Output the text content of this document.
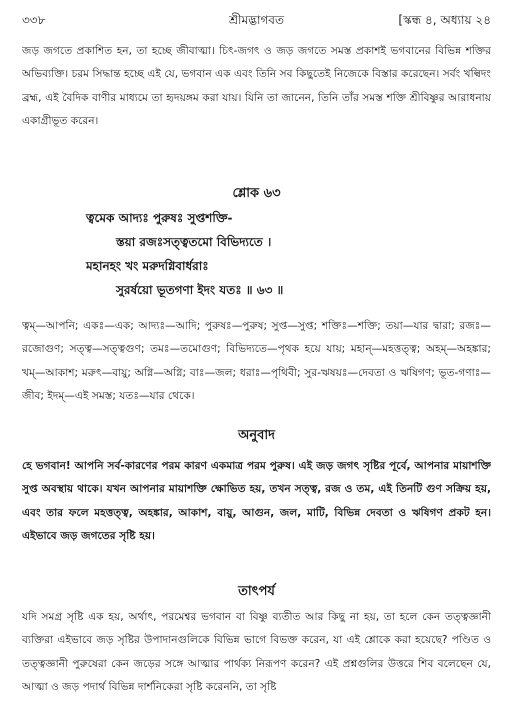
৩৩৮	শ্রীমদ্ভাগবত	[স্কন্ধ ৪, অধ্যায় ২৪

জড় জগতে প্রকাশিত হন, তা হচ্ছে জীবাত্মা। চিৎ-জগৎ ও জড় জগতে সমস্ত প্রকাশই ভগবানের বিভিন্ন শক্তির অভিব্যক্তি। চরম সিদ্ধান্ত হচ্ছে এই যে, ভগবান এক এবং তিনি সব কিছুতেই নিজেকে বিস্তার করেছেন। সর্বং খল্বিদং ব্রহ্ম, এই বৈদিক বাণীর মাধ্যমে তা হৃদয়ঙ্গম করা যায়। যিনি তা জানেন, তিনি তাঁর সমস্ত শক্তি শ্রীবিষ্ণুর আরাধনায় একাগ্রীভূত করেন।

শ্লোক ৬৩
ত্বমেক আদ্যঃ পুরুষঃ সুপ্তশক্তি-
স্তয়া রজঃসত্ত্বতমো বিভিদ্যতে ।
মহানহং খং মরুদগ্নিবার্ধরাঃ
সুরর্ষয়ো ভূতগণা ইদং যতঃ ॥ ৬৩ ॥

ত্বম্—আপনি; একঃ—এক; আদ্যঃ—আদি; পুরুষঃ—পুরুষ; সুপ্ত—সুপ্ত; শক্তিঃ—শক্তি; তয়া—যার দ্বারা; রজঃ—রজোগুণ; সত্ত্ব—সত্ত্বগুণ; তমঃ—তমোগুণ; বিভিদ্যতে—পৃথক হয়ে যায়; মহান্—মহত্তত্ত্ব; অহম্—অহঙ্কার; খম্—আকাশ; মরুৎ—বায়ু; অগ্নি—অগ্নি; বাঃ—জল; ধরাঃ—পৃথিবী; সুর-ঋষয়ঃ—দেবতা ও ঋষিগণ; ভূত-গণাঃ—জীব; ইদম্—এই সমস্ত; যতঃ—যার থেকে।

অনুবাদ

হে ভগবান! আপনি সর্ব-কারণের পরম কারণ একমাত্র পরম পুরুষ। এই জড় জগৎ সৃষ্টির পূর্বে, আপনার মায়াশক্তি সুপ্ত অবস্থায় থাকে। যখন আপনার মায়াশক্তি ক্ষোভিত হয়, তখন সত্ত্ব, রজ ও তম, এই তিনটি গুণ সক্রিয় হয়, এবং তার ফলে মহত্তত্ত্ব, অহঙ্কার, আকাশ, বায়ু, আগুন, জল, মাটি, বিভিন্ন দেবতা ও ঋষিগণ প্রকট হন। এইভাবে জড় জগতের সৃষ্টি হয়।

তাৎপর্য

যদি সমগ্র সৃষ্টি এক হয়, অর্থাৎ, পরমেশ্বর ভগবান বা বিষ্ণু ব্যতীত আর কিছু না হয়, তা হলে কেন তত্ত্বজ্ঞানী ব্যক্তিরা এইভাবে জড় সৃষ্টির উপাদানগুলিকে বিভিন্ন ভাগে বিভক্ত করেন, যা এই শ্লোকে করা হয়েছে? পণ্ডিত ও তত্ত্বজ্ঞানী পুরুষেরা কেন জড়ের সঙ্গে আত্মার পার্থক্য নিরূপণ করেন? এই প্রশ্নগুলির উত্তরে শিব বলেছেন যে, আত্মা ও জড় পদার্থ বিভিন্ন দার্শনিকেরা সৃষ্টি করেননি, তা সৃষ্টি
